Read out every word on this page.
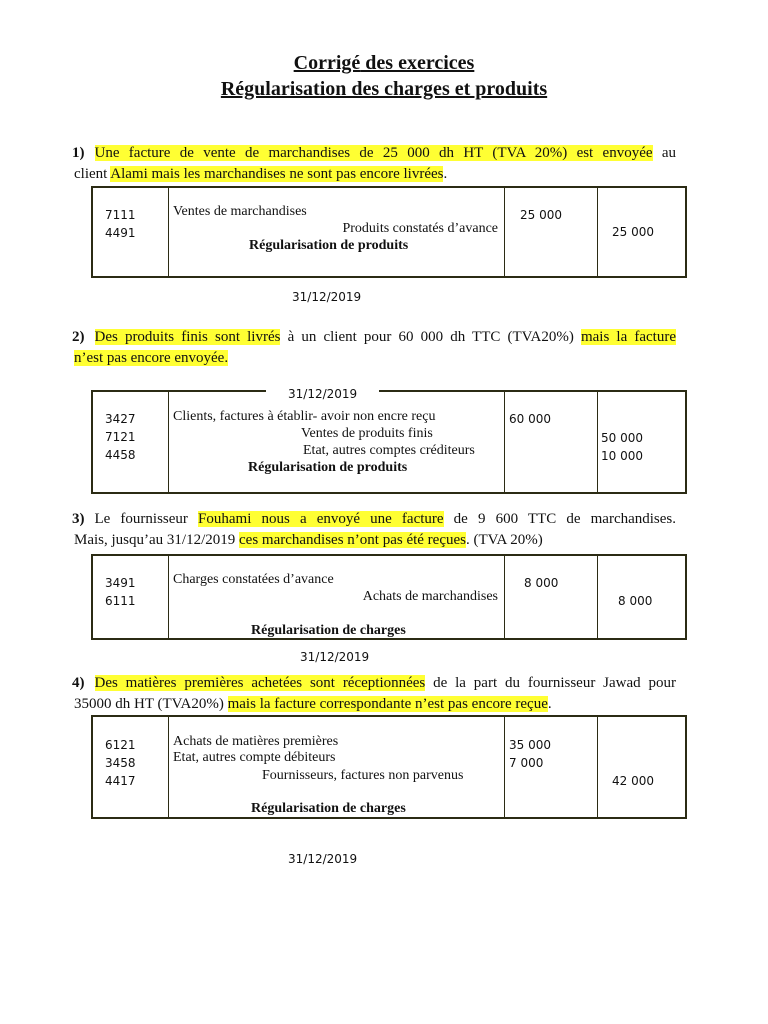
Corrigé des exercices
Régularisation des charges et produits
1) Une facture de vente de marchandises de 25 000 dh HT (TVA 20%) est envoyée au
client Alami mais les marchandises ne sont pas encore livrées.
7111
4491
Ventes de marchandises
Produits constatés d’avance
Régularisation de produits
25 000
25 000
31/12/2019
2) Des produits finis sont livrés à un client pour 60 000 dh TTC (TVA20%) mais la facture
n’est pas encore envoyée.
3427
7121
4458
Clients, factures à établir- avoir non encre reçu
Ventes de produits finis
Etat, autres comptes créditeurs
Régularisation de produits
60 000
50 000
10 000
31/12/2019
3) Le fournisseur Fouhami nous a envoyé une facture de 9 600 TTC de marchandises.
Mais, jusqu’au 31/12/2019 ces marchandises n’ont pas été reçues. (TVA 20%)
3491
6111
Charges constatées d’avance
Achats de marchandises
Régularisation de charges
8 000
8 000
31/12/2019
4) Des matières premières achetées sont réceptionnées de la part du fournisseur Jawad pour
35000 dh HT (TVA20%) mais la facture correspondante n’est pas encore reçue.
6121
3458
4417
Achats de matières premières
Etat, autres compte débiteurs
Fournisseurs, factures non parvenus
Régularisation de charges
35 000
7 000
42 000
31/12/2019
